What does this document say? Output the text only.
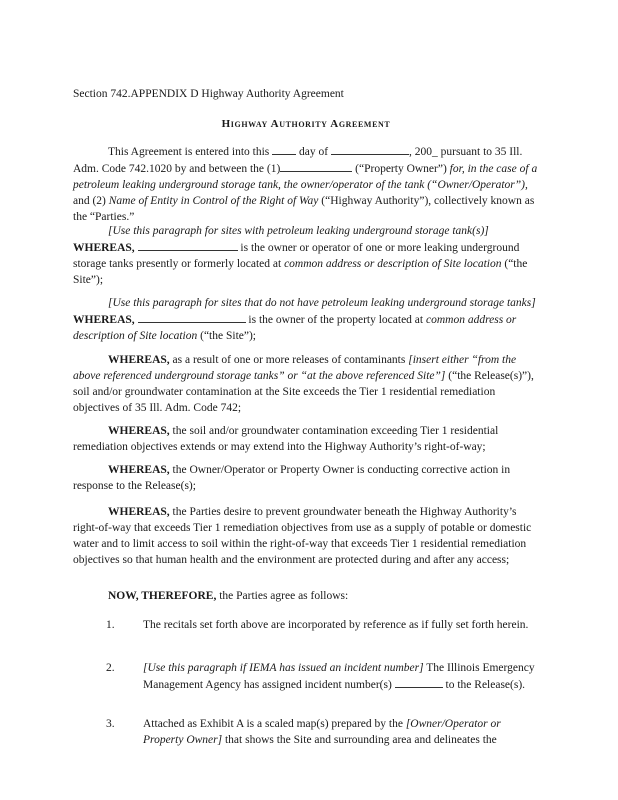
Section 742.APPENDIX D Highway Authority Agreement

Highway Authority Agreement

This Agreement is entered into this	day of	, 200_ pursuant to 35 Ill. Adm. Code 742.1020 by and between the (1)	(“Property Owner”) for, in the case of a petroleum leaking underground storage tank, the owner/operator of the tank (“Owner/Operator”), and (2) Name of Entity in Control of the Right of Way (“Highway Authority”), collectively known as the “Parties.”

[Use this paragraph for sites with petroleum leaking underground storage tank(s)] WHEREAS,	is the owner or operator of one or more leaking underground storage tanks presently or formerly located at common address or description of Site location (“the Site”);

[Use this paragraph for sites that do not have petroleum leaking underground storage tanks] WHEREAS,	is the owner of the property located at common address or description of Site location (“the Site”);

WHEREAS, as a result of one or more releases of contaminants [insert either “from the above referenced underground storage tanks” or “at the above referenced Site”] (“the Release(s)”), soil and/or groundwater contamination at the Site exceeds the Tier 1 residential remediation objectives of 35 Ill. Adm. Code 742;

WHEREAS, the soil and/or groundwater contamination exceeding Tier 1 residential remediation objectives extends or may extend into the Highway Authority’s right-of-way;

WHEREAS, the Owner/Operator or Property Owner is conducting corrective action in response to the Release(s);

WHEREAS, the Parties desire to prevent groundwater beneath the Highway Authority’s right-of-way that exceeds Tier 1 remediation objectives from use as a supply of potable or domestic water and to limit access to soil within the right-of-way that exceeds Tier 1 residential remediation objectives so that human health and the environment are protected during and after any access;

NOW, THEREFORE, the Parties agree as follows:

1. The recitals set forth above are incorporated by reference as if fully set forth herein.

2. [Use this paragraph if IEMA has issued an incident number] The Illinois Emergency Management Agency has assigned incident number(s)	to the Release(s).

3. Attached as Exhibit A is a scaled map(s) prepared by the [Owner/Operator or Property Owner] that shows the Site and surrounding area and delineates the
